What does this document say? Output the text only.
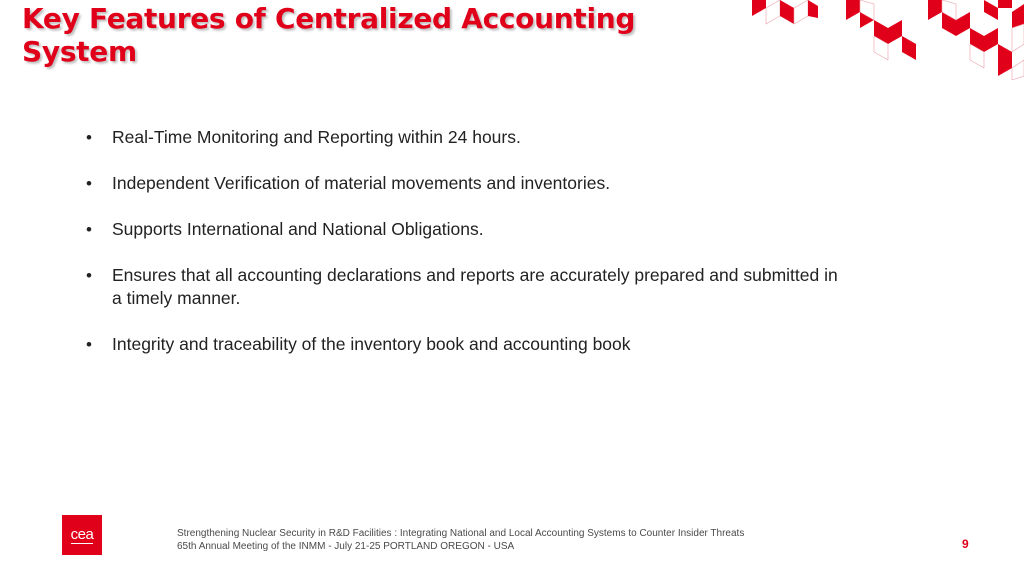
Key Features of Centralized Accounting System
• Real-Time Monitoring and Reporting within 24 hours.
• Independent Verification of material movements and inventories.
• Supports International and National Obligations.
• Ensures that all accounting declarations and reports are accurately prepared and submitted in a timely manner.
• Integrity and traceability of the inventory book and accounting book
cea	Strengthening Nuclear Security in R&D Facilities : Integrating National and Local Accounting Systems to Counter Insider Threats
65th Annual Meeting of the INMM - July 21-25 PORTLAND OREGON - USA	9
